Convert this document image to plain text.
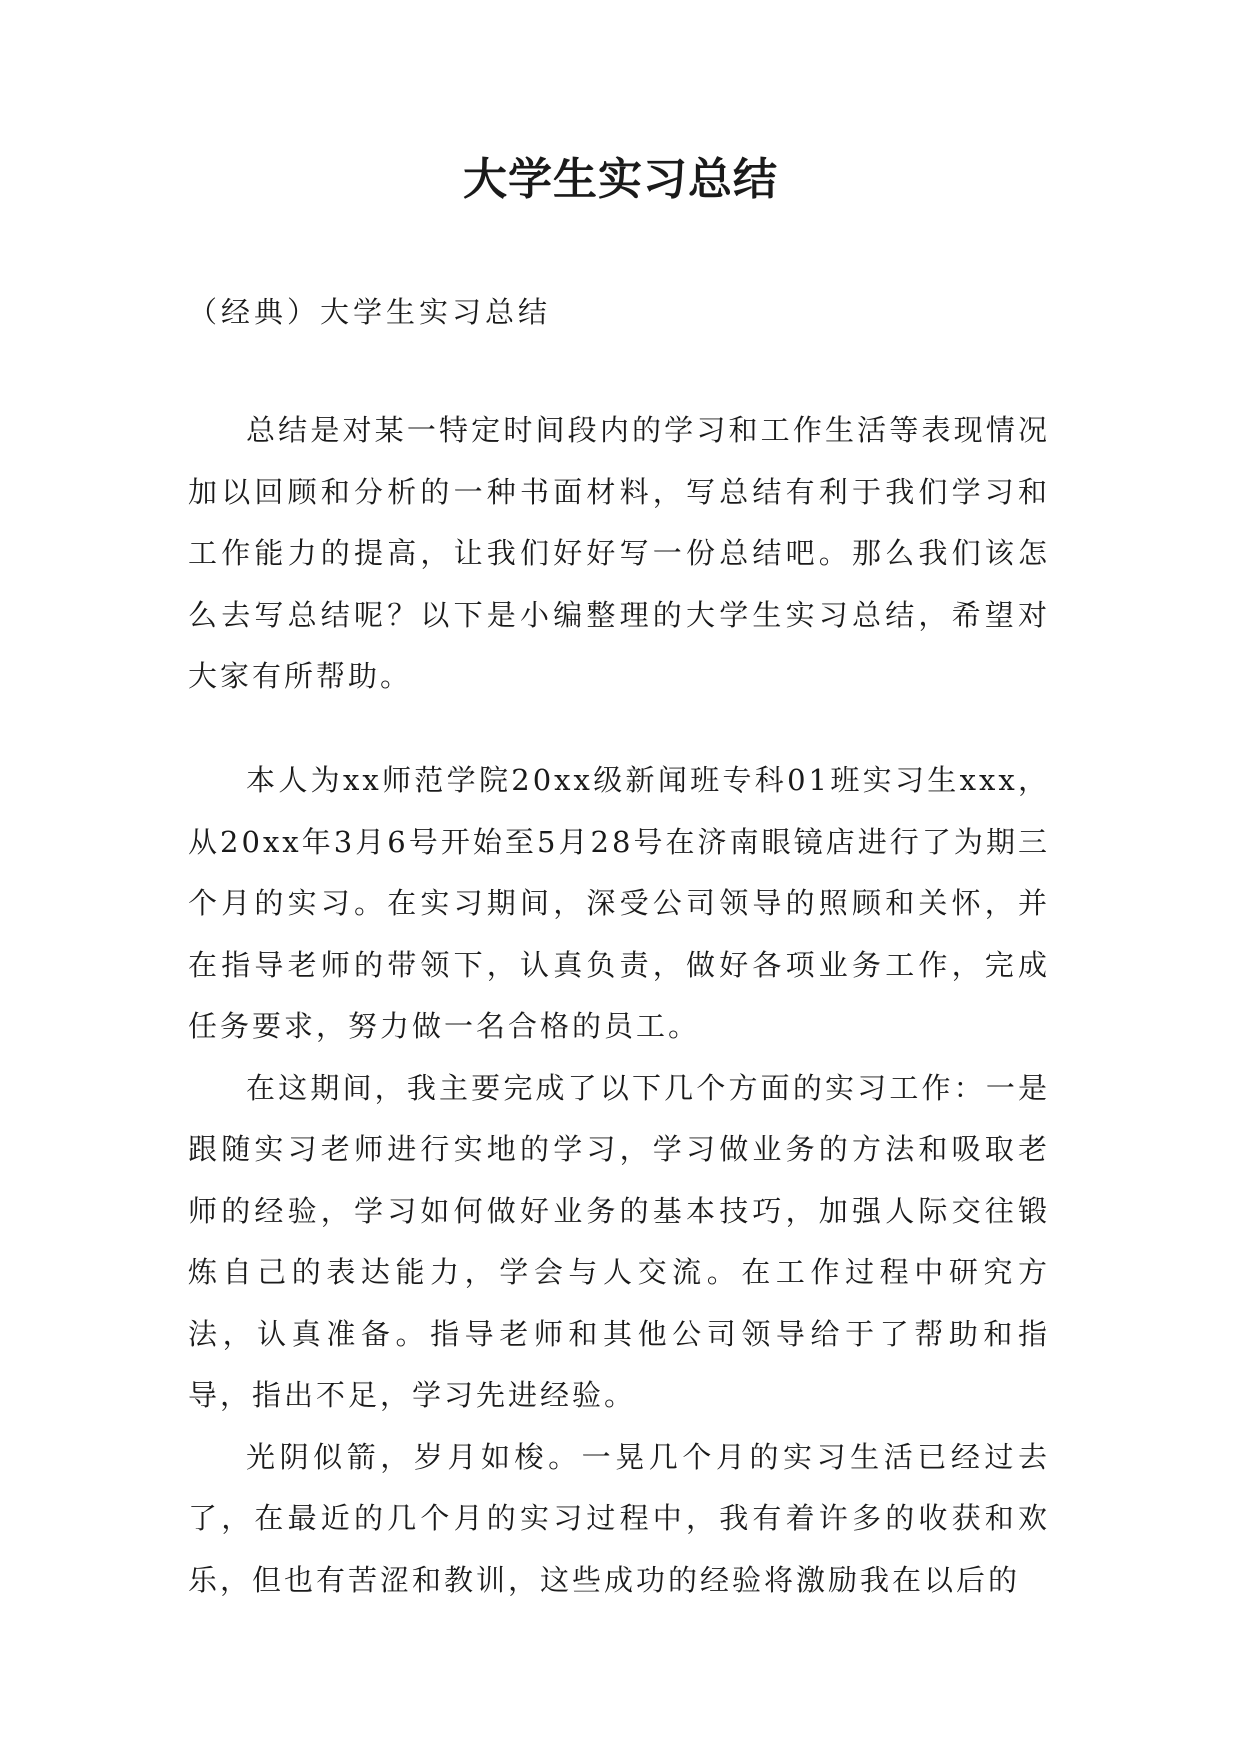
大学生实习总结
（经典）大学生实习总结

总结是对某一特定时间段内的学习和工作生活等表现情况加以回顾和分析的一种书面材料，写总结有利于我们学习和工作能力的提高，让我们好好写一份总结吧。那么我们该怎么去写总结呢？以下是小编整理的大学生实习总结，希望对大家有所帮助。

本人为xx师范学院20xx级新闻班专科01班实习生xxx，从20xx年3月6号开始至5月28号在济南眼镜店进行了为期三个月的实习。在实习期间，深受公司领导的照顾和关怀，并在指导老师的带领下，认真负责，做好各项业务工作，完成任务要求，努力做一名合格的员工。

在这期间，我主要完成了以下几个方面的实习工作：一是跟随实习老师进行实地的学习，学习做业务的方法和吸取老师的经验，学习如何做好业务的基本技巧，加强人际交往锻炼自己的表达能力，学会与人交流。在工作过程中研究方法，认真准备。指导老师和其他公司领导给于了帮助和指导，指出不足，学习先进经验。

光阴似箭，岁月如梭。一晃几个月的实习生活已经过去了，在最近的几个月的实习过程中，我有着许多的收获和欢乐，但也有苦涩和教训，这些成功的经验将激励我在以后的
